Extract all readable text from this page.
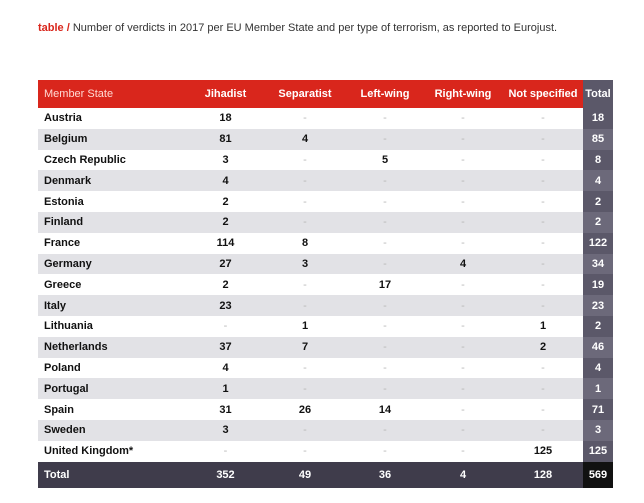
table / Number of verdicts in 2017 per EU Member State and per type of terrorism, as reported to Eurojust.
Member State	Jihadist	Separatist	Left-wing	Right-wing	Not specified	Total
Austria	18	-	-	-	-	18
Belgium	81	4	-	-	-	85
Czech Republic	3	-	5	-	-	8
Denmark	4	-	-	-	-	4
Estonia	2	-	-	-	-	2
Finland	2	-	-	-	-	2
France	114	8	-	-	-	122
Germany	27	3	-	4	-	34
Greece	2	-	17	-	-	19
Italy	23	-	-	-	-	23
Lithuania	-	1	-	-	1	2
Netherlands	37	7	-	-	2	46
Poland	4	-	-	-	-	4
Portugal	1	-	-	-	-	1
Spain	31	26	14	-	-	71
Sweden	3	-	-	-	-	3
United Kingdom*	-	-	-	-	125	125
Total	352	49	36	4	128	569
